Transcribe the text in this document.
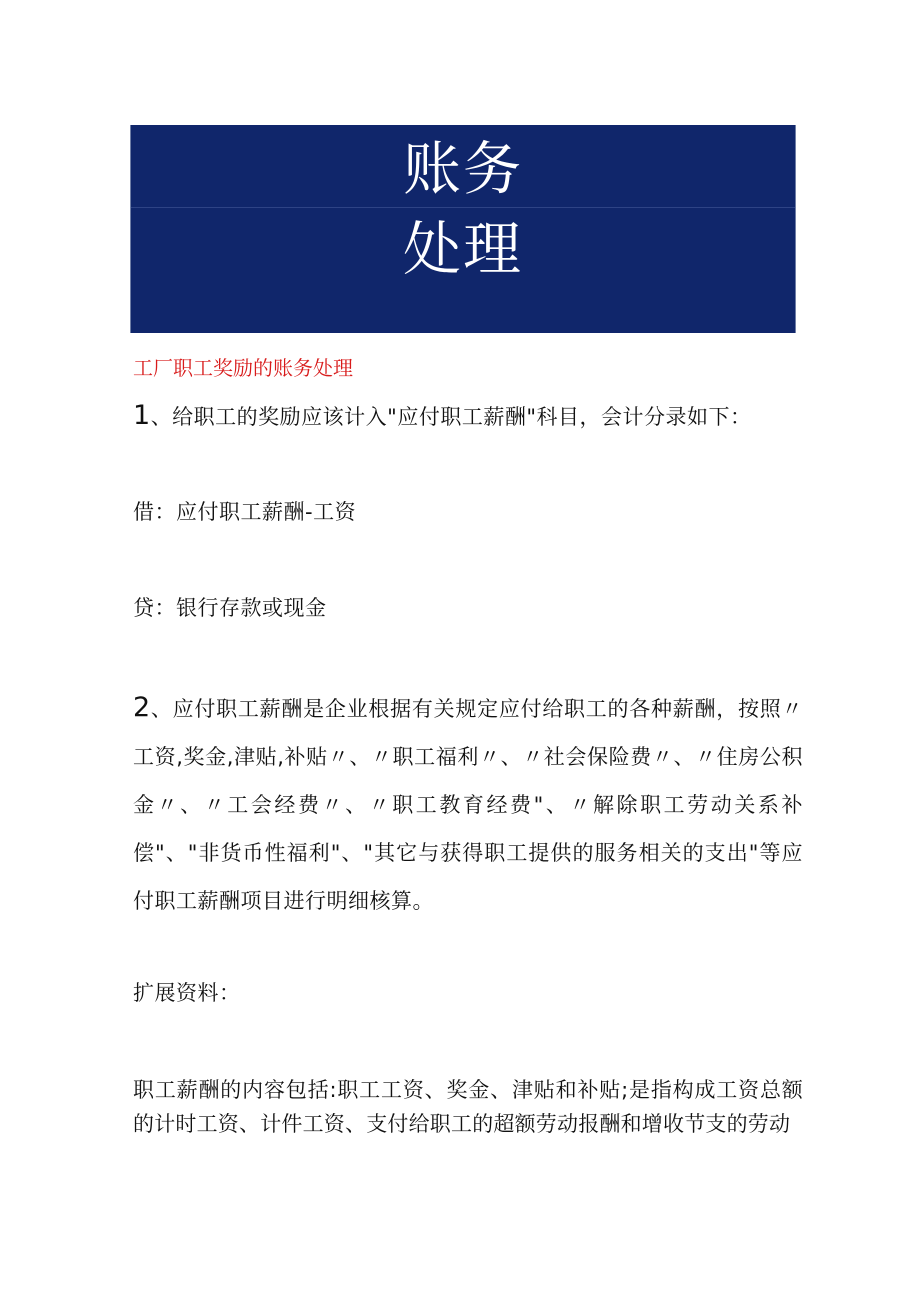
账务
处理
工厂职工奖励的账务处理
1、给职工的奖励应该计入"应付职工薪酬"科目，会计分录如下：
借：应付职工薪酬-工资
贷：银行存款或现金
2、应付职工薪酬是企业根据有关规定应付给职工的各种薪酬，按照〃工资,奖金,津贴,补贴〃、〃职工福利〃、〃社会保险费〃、〃住房公积金〃、〃工会经费〃、〃职工教育经费"、〃解除职工劳动关系补偿"、"非货币性福利"、"其它与获得职工提供的服务相关的支出"等应付职工薪酬项目进行明细核算。
扩展资料：
职工薪酬的内容包括:职工工资、奖金、津贴和补贴;是指构成工资总额的计时工资、计件工资、支付给职工的超额劳动报酬和增收节支的劳动
